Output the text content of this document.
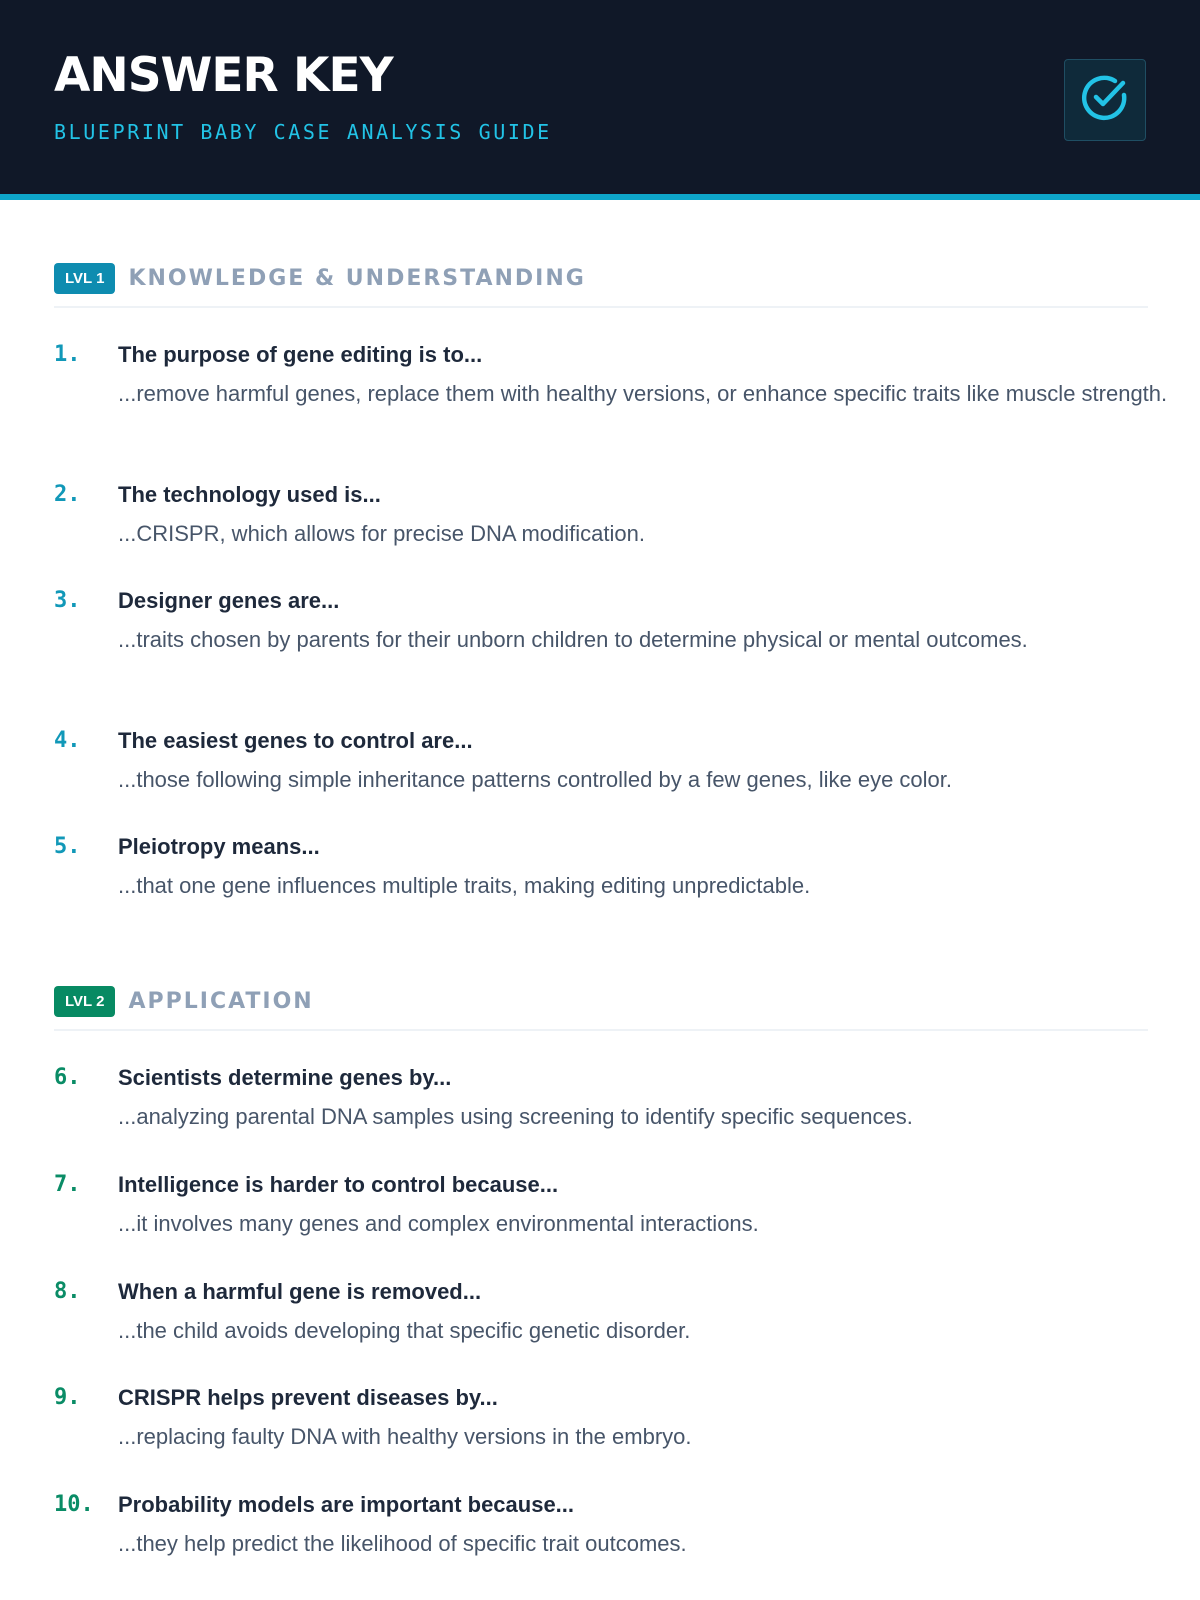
ANSWER KEY
BLUEPRINT BABY CASE ANALYSIS GUIDE
LVL 1	KNOWLEDGE & UNDERSTANDING
1. The purpose of gene editing is to...
...remove harmful genes, replace them with healthy versions, or enhance specific traits like muscle strength.
2. The technology used is...
...CRISPR, which allows for precise DNA modification.
3. Designer genes are...
...traits chosen by parents for their unborn children to determine physical or mental outcomes.
4. The easiest genes to control are...
...those following simple inheritance patterns controlled by a few genes, like eye color.
5. Pleiotropy means...
...that one gene influences multiple traits, making editing unpredictable.
LVL 2	APPLICATION
6. Scientists determine genes by...
...analyzing parental DNA samples using screening to identify specific sequences.
7. Intelligence is harder to control because...
...it involves many genes and complex environmental interactions.
8. When a harmful gene is removed...
...the child avoids developing that specific genetic disorder.
9. CRISPR helps prevent diseases by...
...replacing faulty DNA with healthy versions in the embryo.
10. Probability models are important because...
...they help predict the likelihood of specific trait outcomes.
